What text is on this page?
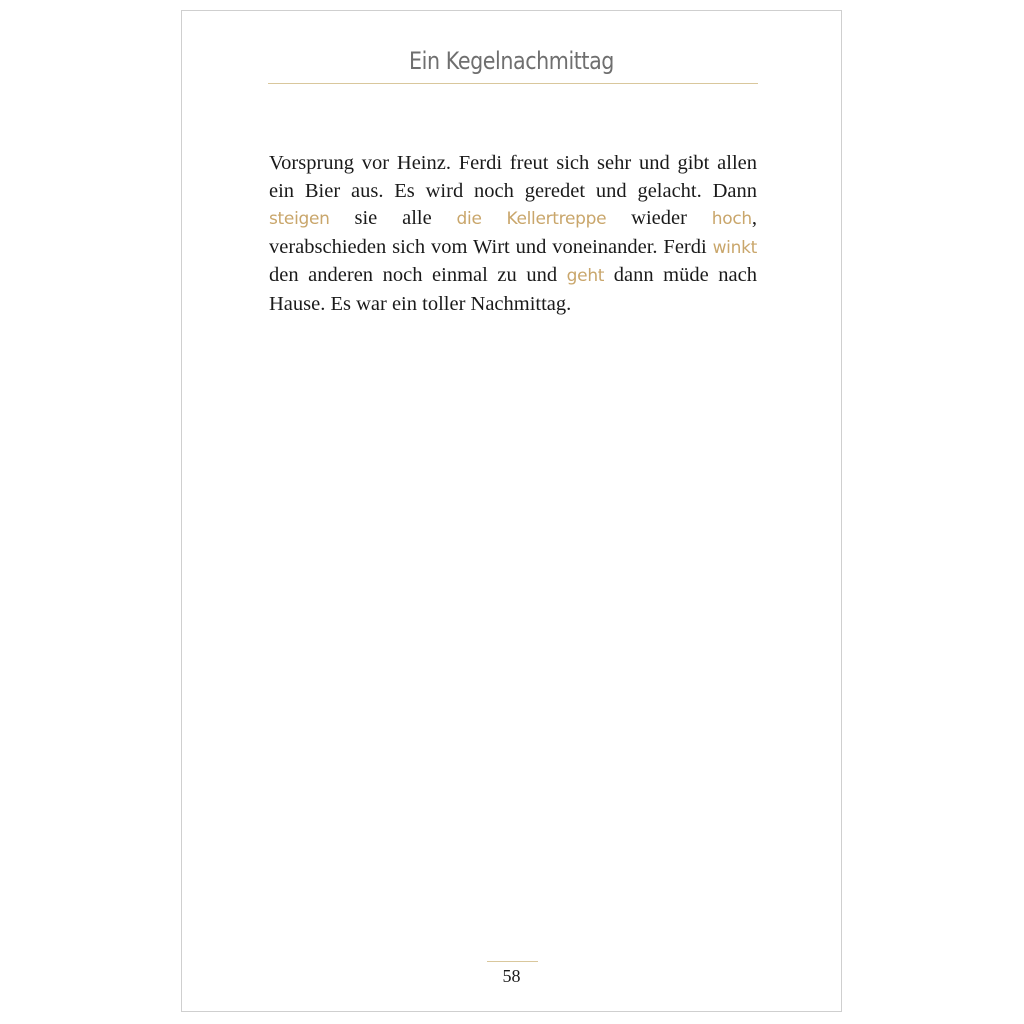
Ein Kegelnachmittag
Vorsprung vor Heinz. Ferdi freut sich sehr und gibt allen ein Bier aus. Es wird noch geredet und gelacht. Dann steigen sie alle die Kellertreppe wieder hoch, verabschieden sich vom Wirt und voneinander. Ferdi winkt den anderen noch einmal zu und geht dann müde nach Hause. Es war ein toller Nachmittag.
58
